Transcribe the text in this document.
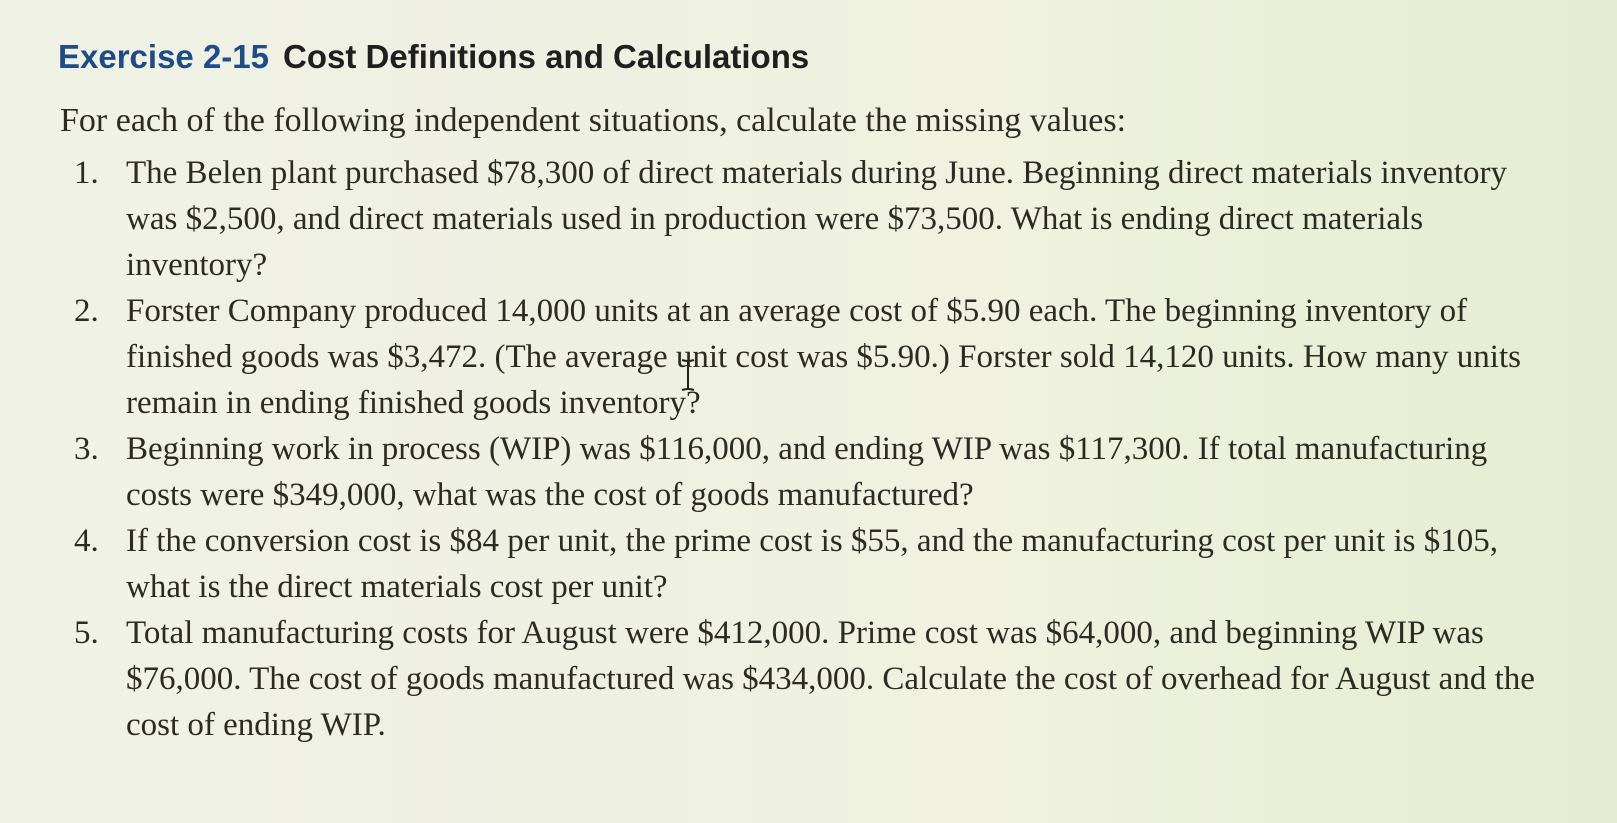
Exercise 2-15 Cost Definitions and Calculations
For each of the following independent situations, calculate the missing values:
1. The Belen plant purchased $78,300 of direct materials during June. Beginning direct materials inventory was $2,500, and direct materials used in production were $73,500. What is ending direct materials inventory?
2. Forster Company produced 14,000 units at an average cost of $5.90 each. The beginning inventory of finished goods was $3,472. (The average unit cost was $5.90.) Forster sold 14,120 units. How many units remain in ending finished goods inventory?
3. Beginning work in process (WIP) was $116,000, and ending WIP was $117,300. If total manufacturing costs were $349,000, what was the cost of goods manufactured?
4. If the conversion cost is $84 per unit, the prime cost is $55, and the manufacturing cost per unit is $105, what is the direct materials cost per unit?
5. Total manufacturing costs for August were $412,000. Prime cost was $64,000, and beginning WIP was $76,000. The cost of goods manufactured was $434,000. Calculate the cost of overhead for August and the cost of ending WIP.
